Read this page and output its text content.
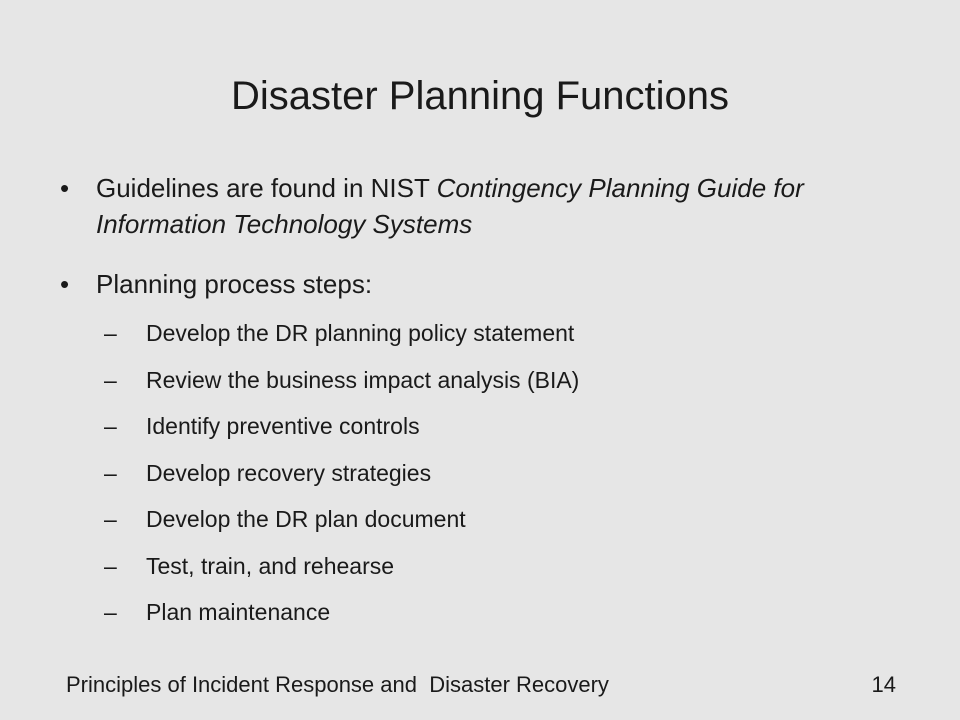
Disaster Planning Functions
• Guidelines are found in NIST Contingency Planning Guide for Information Technology Systems
• Planning process steps:
– Develop the DR planning policy statement
– Review the business impact analysis (BIA)
– Identify preventive controls
– Develop recovery strategies
– Develop the DR plan document
– Test, train, and rehearse
– Plan maintenance
Principles of Incident Response and  Disaster Recovery	14
